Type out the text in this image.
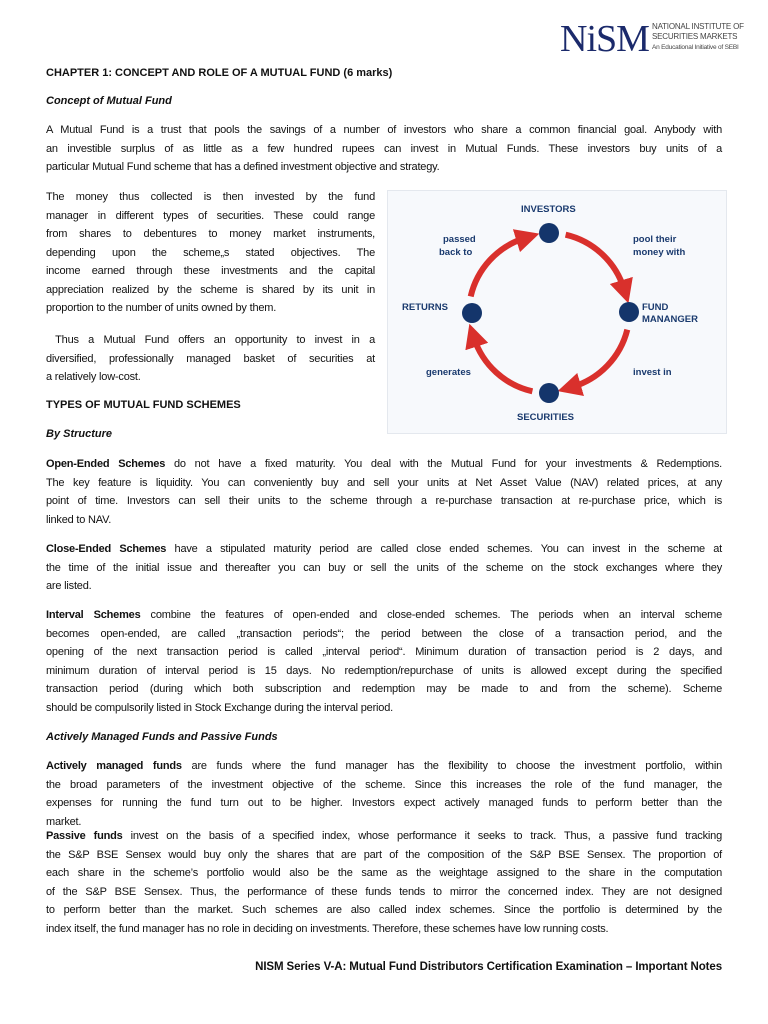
NiSM NATIONAL INSTITUTE OF
SECURITIES MARKETS
An Educational Initiative of SEBI
CHAPTER 1: CONCEPT AND ROLE OF A MUTUAL FUND (6 marks)
Concept of Mutual Fund
A Mutual Fund is a trust that pools the savings of a number of investors who share a common financial goal. Anybody with
an investible surplus of as little as a few hundred rupees can invest in Mutual Funds. These investors buy units of a
particular Mutual Fund scheme that has a defined investment objective and strategy.
The money thus collected is then invested by the fund
manager in different types of securities. These could range
from shares to debentures to money market instruments,
depending upon the scheme„s stated objectives. The
income earned through these investments and the capital
appreciation realized by the scheme is shared by its unit in
proportion to the number of units owned by them.
Thus a Mutual Fund offers an opportunity to invest in a
diversified, professionally managed basket of securities at
a relatively low-cost.
INVESTORS
FUND
MANANGER
SECURITIES
RETURNS
pool their
money with
invest in
generates
passed
back to
TYPES OF MUTUAL FUND SCHEMES
By Structure
Open-Ended Schemes do not have a fixed maturity. You deal with the Mutual Fund for your investments & Redemptions.
The key feature is liquidity. You can conveniently buy and sell your units at Net Asset Value (NAV) related prices, at any
point of time. Investors can sell their units to the scheme through a re-purchase transaction at re-purchase price, which is
linked to NAV.
Close-Ended Schemes have a stipulated maturity period are called close ended schemes. You can invest in the scheme at
the time of the initial issue and thereafter you can buy or sell the units of the scheme on the stock exchanges where they
are listed.
Interval Schemes combine the features of open-ended and close-ended schemes. The periods when an interval scheme
becomes open-ended, are called „transaction periods“; the period between the close of a transaction period, and the
opening of the next transaction period is called „interval period“. Minimum duration of transaction period is 2 days, and
minimum duration of interval period is 15 days. No redemption/repurchase of units is allowed except during the specified
transaction period (during which both subscription and redemption may be made to and from the scheme). Scheme
should be compulsorily listed in Stock Exchange during the interval period.
Actively Managed Funds and Passive Funds
Actively managed funds are funds where the fund manager has the flexibility to choose the investment portfolio, within
the broad parameters of the investment objective of the scheme. Since this increases the role of the fund manager, the
expenses for running the fund turn out to be higher. Investors expect actively managed funds to perform better than the
market.
Passive funds invest on the basis of a specified index, whose performance it seeks to track. Thus, a passive fund tracking
the S&P BSE Sensex would buy only the shares that are part of the composition of the S&P BSE Sensex. The proportion of
each share in the scheme’s portfolio would also be the same as the weightage assigned to the share in the computation
of the S&P BSE Sensex. Thus, the performance of these funds tends to mirror the concerned index. They are not designed
to perform better than the market. Such schemes are also called index schemes. Since the portfolio is determined by the
index itself, the fund manager has no role in deciding on investments. Therefore, these schemes have low running costs.
NISM Series V-A: Mutual Fund Distributors Certification Examination – Important Notes
